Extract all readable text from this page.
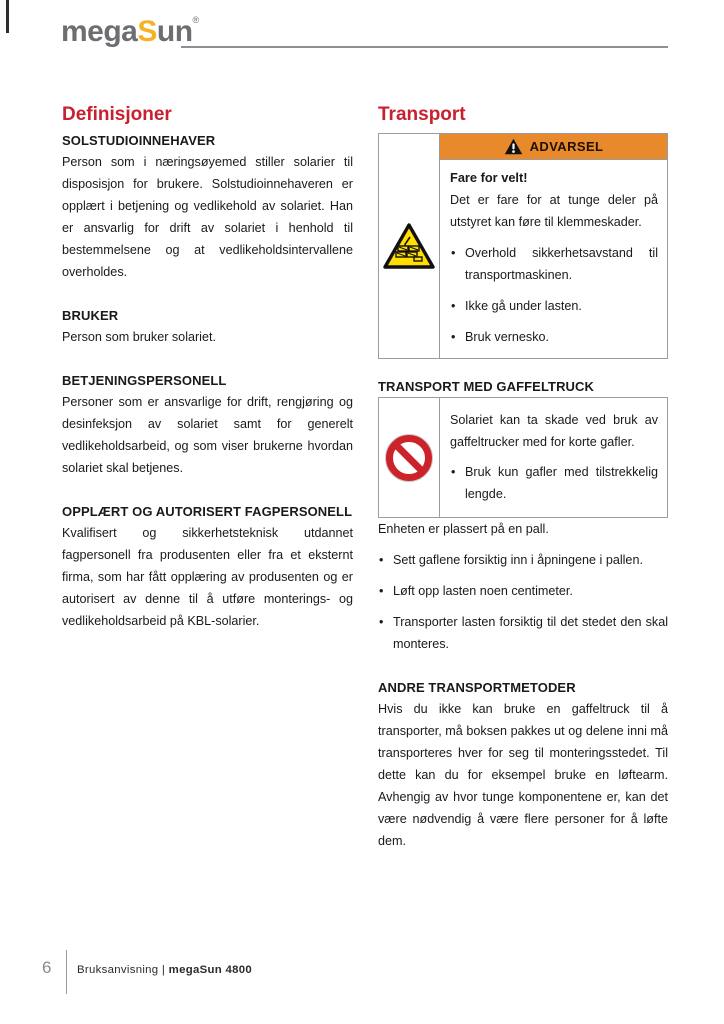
megaSun®
Definisjoner
SOLSTUDIOINNEHAVER

Person som i næringsøyemed stiller solarier til disposisjon for brukere. Solstudioinnehaveren er opplært i betjening og vedlikehold av solariet. Han er ansvarlig for drift av solariet i henhold til bestemmelsene og at vedlikeholdsintervallene overholdes.

BRUKER

Person som bruker solariet.

BETJENINGSPERSONELL

Personer som er ansvarlige for drift, rengjøring og desinfeksjon av solariet samt for generelt vedlikeholdsarbeid, og som viser brukerne hvordan solariet skal betjenes.

OPPLÆRT OG AUTORISERT FAGPERSONELL

Kvalifisert og sikkerhetsteknisk utdannet fagpersonell fra produsenten eller fra et eksternt firma, som har fått opplæring av produsenten og er autorisert av denne til å utføre monterings- og vedlikeholdsarbeid på KBL-solarier.

Transport
ADVARSEL
Fare for velt!

Det er fare for at tunge deler på utstyret kan føre til klemmeskader.

• Overhold sikkerhetsavstand til transportmaskinen.
• Ikke gå under lasten.
• Bruk vernesko.
TRANSPORT MED GAFFELTRUCK

Solariet kan ta skade ved bruk av gaffeltrucker med for korte gafler.

• Bruk kun gafler med tilstrekkelig lengde.

Enheten er plassert på en pall.

• Sett gaflene forsiktig inn i åpningene i pallen.
• Løft opp lasten noen centimeter.
• Transporter lasten forsiktig til det stedet den skal monteres.
ANDRE TRANSPORTMETODER

Hvis du ikke kan bruke en gaffeltruck til å transporter, må boksen pakkes ut og delene inni må transporteres hver for seg til monteringsstedet. Til dette kan du for eksempel bruke en løftearm. Avhengig av hvor tunge komponentene er, kan det være nødvendig å være flere personer for å løfte dem.

6 Bruksanvisning | megaSun 4800
